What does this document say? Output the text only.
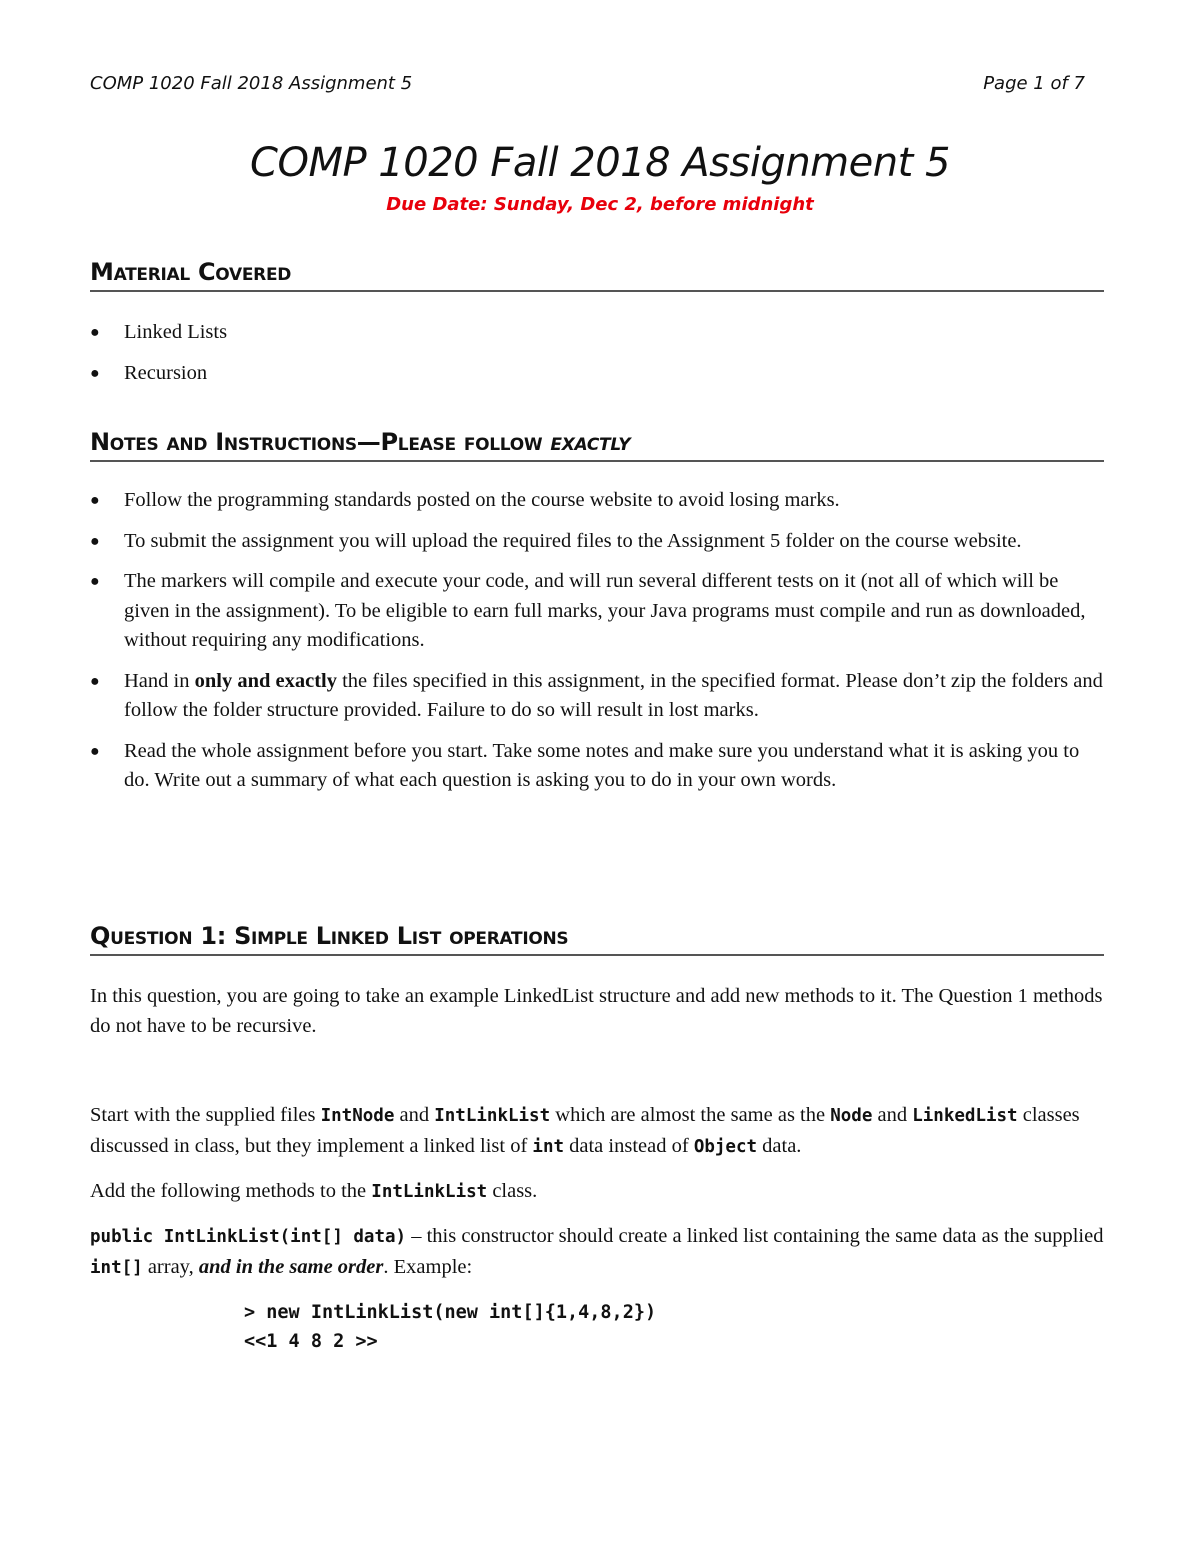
COMP 1020 Fall 2018 Assignment 5	Page 1 of 7
COMP 1020 Fall 2018 Assignment 5
Due Date: Sunday, Dec 2, before midnight
Material Covered
● Linked Lists
● Recursion
Notes and Instructions—Please follow exactly
● Follow the programming standards posted on the course website to avoid losing marks.
● To submit the assignment you will upload the required files to the Assignment 5 folder on the course website.
● The markers will compile and execute your code, and will run several different tests on it (not all of which will be given in the assignment). To be eligible to earn full marks, your Java programs must compile and run as downloaded, without requiring any modifications.
● Hand in only and exactly the files specified in this assignment, in the specified format. Please don’t zip the folders and follow the folder structure provided. Failure to do so will result in lost marks.
● Read the whole assignment before you start. Take some notes and make sure you understand what it is asking you to do. Write out a summary of what each question is asking you to do in your own words.
Question 1: Simple Linked List operations
In this question, you are going to take an example LinkedList structure and add new methods to it. The Question 1 methods do not have to be recursive.
Start with the supplied files IntNode and IntLinkList which are almost the same as the Node and LinkedList classes discussed in class, but they implement a linked list of int data instead of Object data.
Add the following methods to the IntLinkList class.
public IntLinkList(int[] data) – this constructor should create a linked list containing the same data as the supplied int[] array, and in the same order. Example:
> new IntLinkList(new int[]{1,4,8,2})
<<1 4 8 2 >>
